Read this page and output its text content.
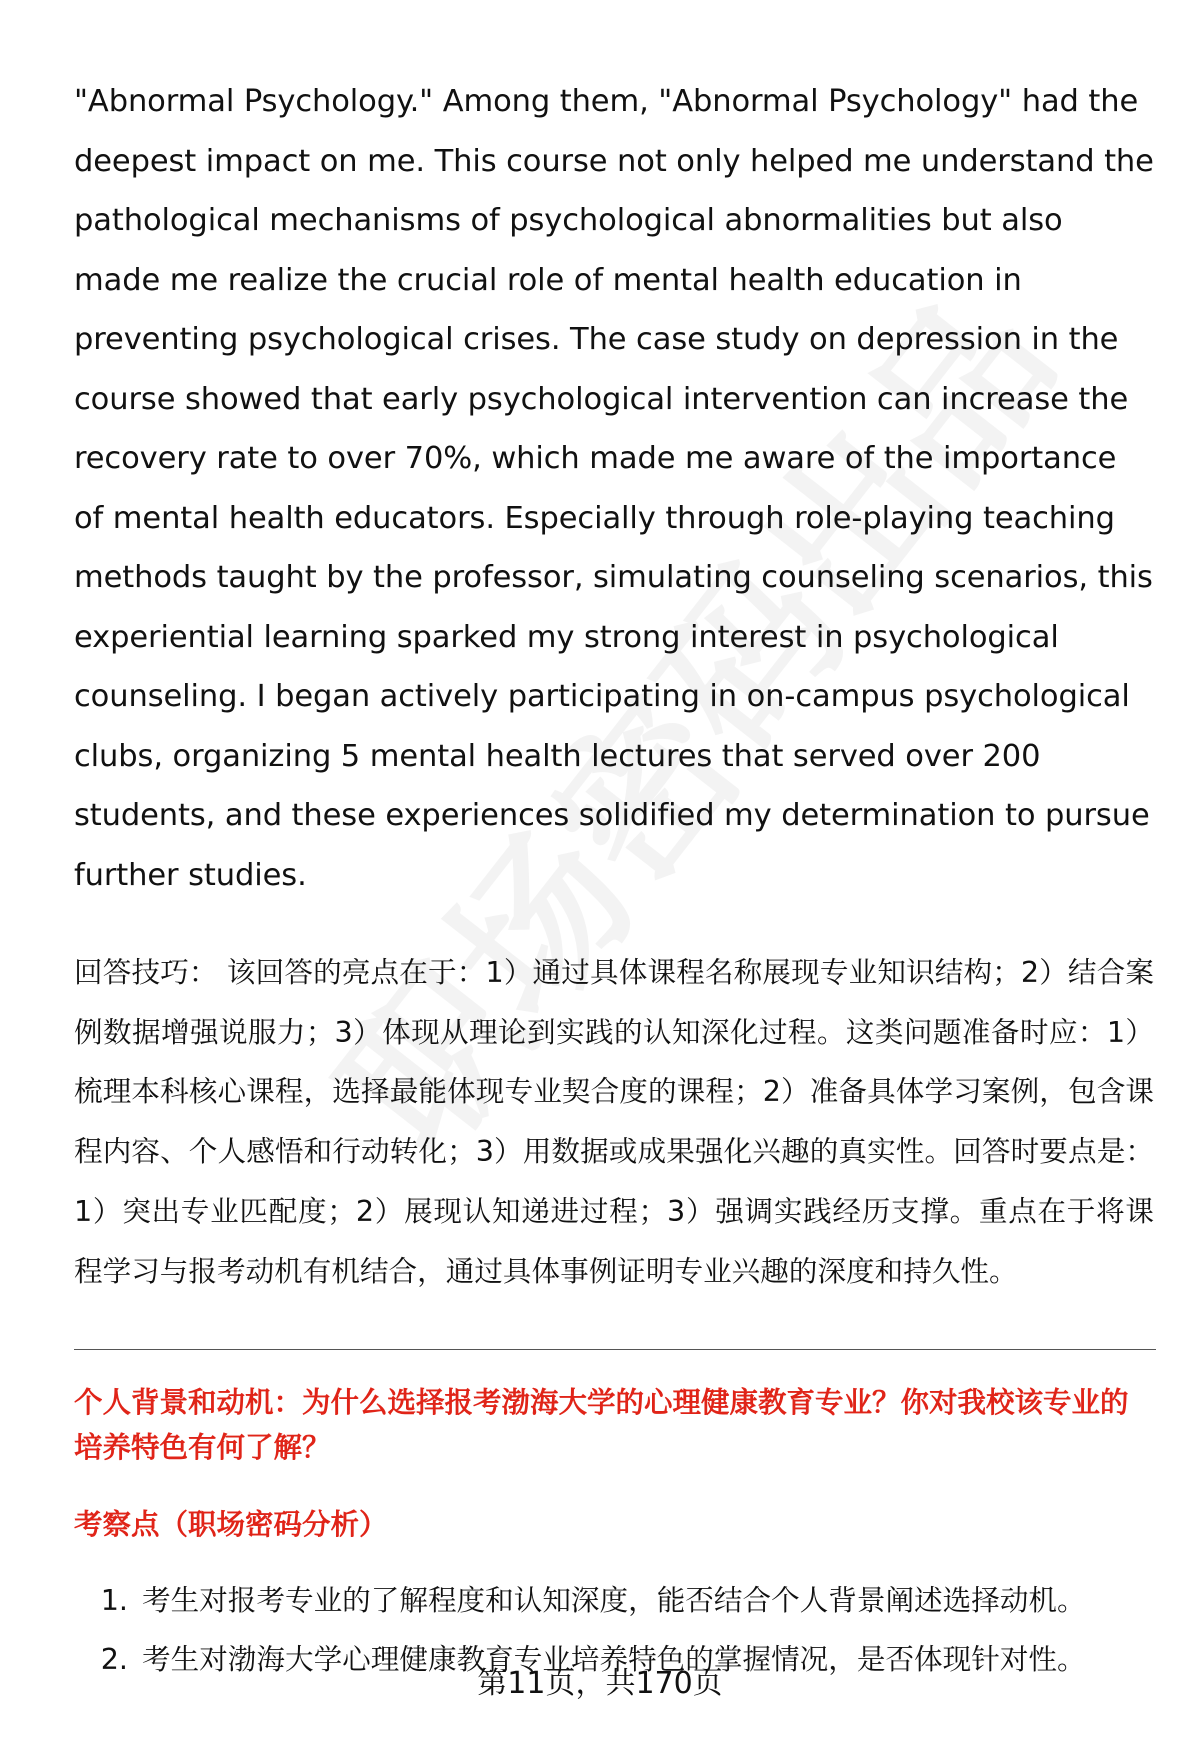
"Abnormal Psychology." Among them, "Abnormal Psychology" had the deepest impact on me. This course not only helped me understand the pathological mechanisms of psychological abnormalities but also made me realize the crucial role of mental health education in preventing psychological crises. The case study on depression in the course showed that early psychological intervention can increase the recovery rate to over 70%, which made me aware of the importance of mental health educators. Especially through role-playing teaching methods taught by the professor, simulating counseling scenarios, this experiential learning sparked my strong interest in psychological counseling. I began actively participating in on-campus psychological clubs, organizing 5 mental health lectures that served over 200 students, and these experiences solidified my determination to pursue further studies.

回答技巧： 该回答的亮点在于：1）通过具体课程名称展现专业知识结构；2）结合案例数据增强说服力；3）体现从理论到实践的认知深化过程。这类问题准备时应：1）梳理本科核心课程，选择最能体现专业契合度的课程；2）准备具体学习案例，包含课程内容、个人感悟和行动转化；3）用数据或成果强化兴趣的真实性。回答时要点是：1）突出专业匹配度；2）展现认知递进过程；3）强调实践经历支撑。重点在于将课程学习与报考动机有机结合，通过具体事例证明专业兴趣的深度和持久性。

个人背景和动机：为什么选择报考渤海大学的心理健康教育专业？你对我校该专业的培养特色有何了解？
考察点（职场密码分析）
1. 考生对报考专业的了解程度和认知深度，能否结合个人背景阐述选择动机。
2. 考生对渤海大学心理健康教育专业培养特色的掌握情况，是否体现针对性。
第11页，共170页
